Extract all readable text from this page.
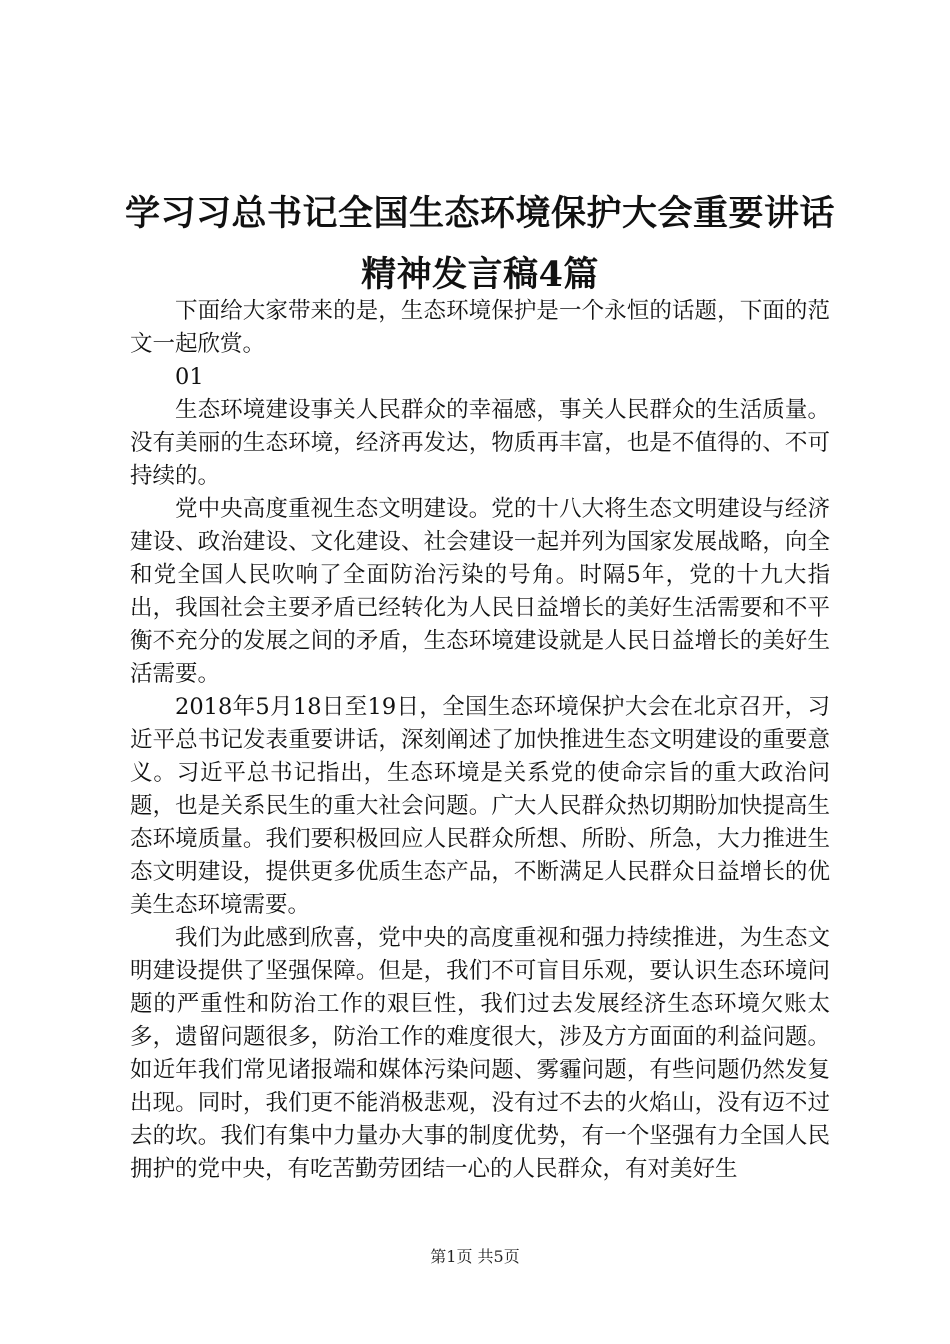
学习习总书记全国生态环境保护大会重要讲话
精神发言稿4篇

下面给大家带来的是，生态环境保护是一个永恒的话题，下面的范文一起欣赏。

01

生态环境建设事关人民群众的幸福感，事关人民群众的生活质量。没有美丽的生态环境，经济再发达，物质再丰富，也是不值得的、不可持续的。

党中央高度重视生态文明建设。党的十八大将生态文明建设与经济建设、政治建设、文化建设、社会建设一起并列为国家发展战略，向全和党全国人民吹响了全面防治污染的号角。时隔5年，党的十九大指出，我国社会主要矛盾已经转化为人民日益增长的美好生活需要和不平衡不充分的发展之间的矛盾，生态环境建设就是人民日益增长的美好生活需要。

2018年5月18日至19日，全国生态环境保护大会在北京召开，习近平总书记发表重要讲话，深刻阐述了加快推进生态文明建设的重要意义。习近平总书记指出，生态环境是关系党的使命宗旨的重大政治问题，也是关系民生的重大社会问题。广大人民群众热切期盼加快提高生态环境质量。我们要积极回应人民群众所想、所盼、所急，大力推进生态文明建设，提供更多优质生态产品，不断满足人民群众日益增长的优美生态环境需要。

我们为此感到欣喜，党中央的高度重视和强力持续推进，为生态文明建设提供了坚强保障。但是，我们不可盲目乐观，要认识生态环境问题的严重性和防治工作的艰巨性，我们过去发展经济生态环境欠账太多，遗留问题很多，防治工作的难度很大，涉及方方面面的利益问题。如近年我们常见诸报端和媒体污染问题、雾霾问题，有些问题仍然发复出现。同时，我们更不能消极悲观，没有过不去的火焰山，没有迈不过去的坎。我们有集中力量办大事的制度优势，有一个坚强有力全国人民拥护的党中央，有吃苦勤劳团结一心的人民群众，有对美好生

第1页 共5页
